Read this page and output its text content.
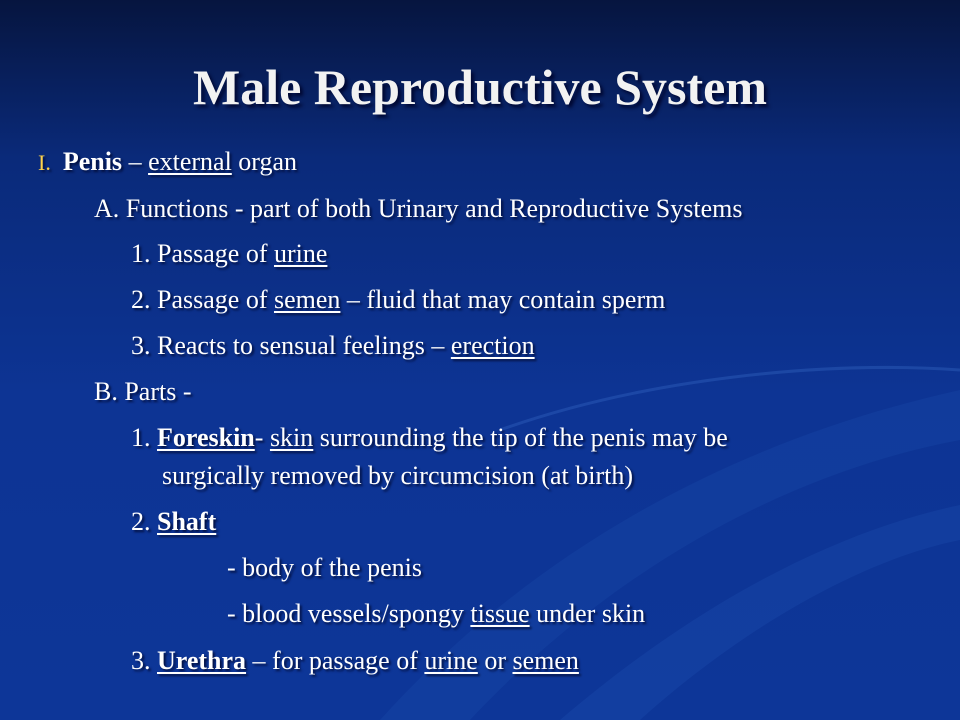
Male Reproductive System
I. Penis – external organ
A. Functions - part of both Urinary and Reproductive Systems
1. Passage of urine
2. Passage of semen – fluid that may contain sperm
3. Reacts to sensual feelings – erection
B. Parts -
1. Foreskin- skin surrounding the tip of the penis may be
surgically removed by circumcision (at birth)
2. Shaft
- body of the penis
- blood vessels/spongy tissue under skin
3. Urethra – for passage of urine or semen
